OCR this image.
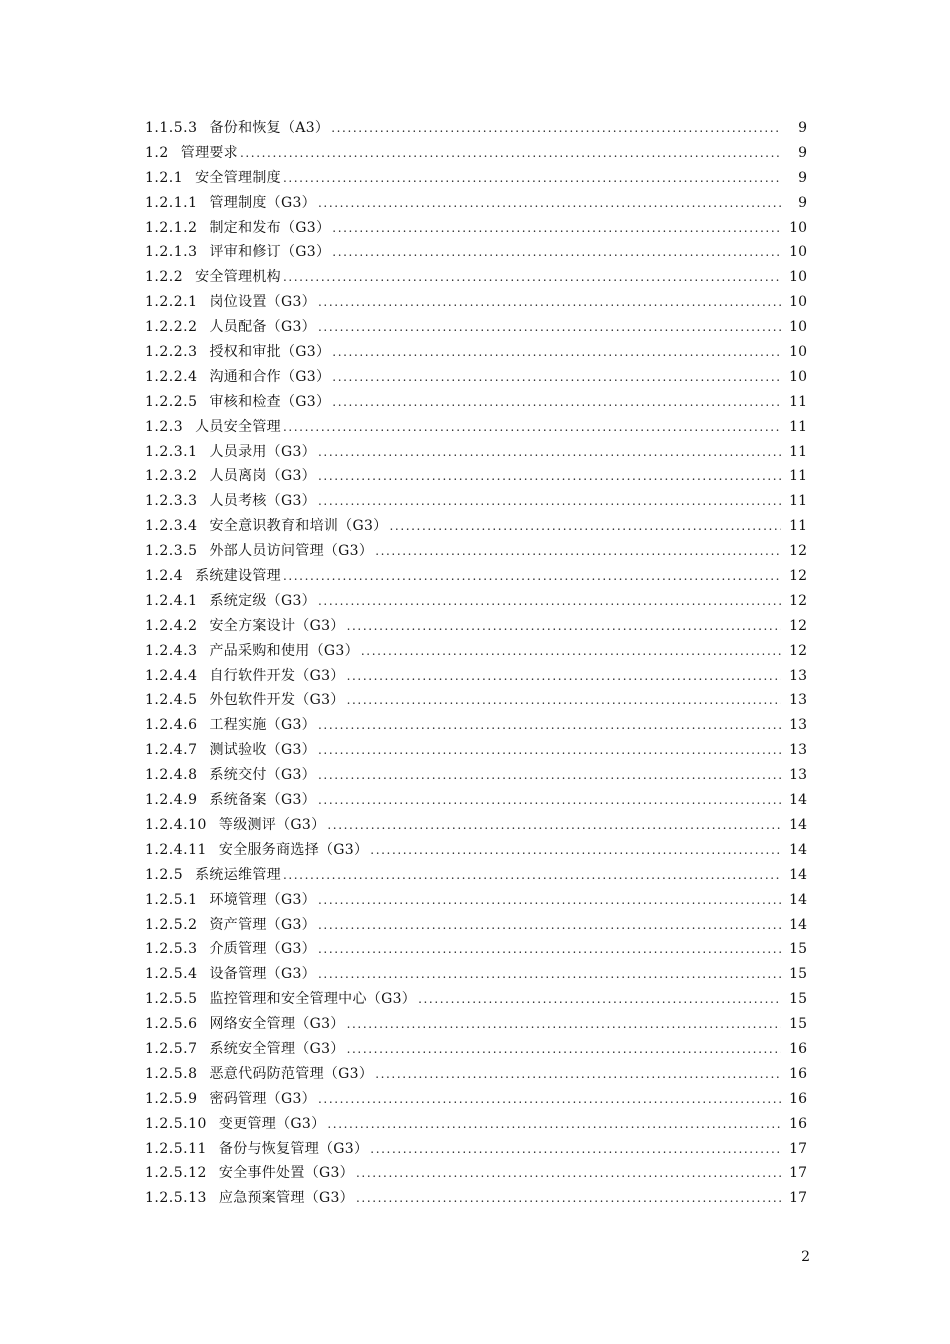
1.1.5.3 备份和恢复（A3） .....	9
1.2 管理要求 .....	9
1.2.1 安全管理制度 .....	9
1.2.1.1 管理制度（G3） .....	9
1.2.1.2 制定和发布（G3） .....	10
1.2.1.3 评审和修订（G3） .....	10
1.2.2 安全管理机构 .....	10
1.2.2.1 岗位设置（G3） .....	10
1.2.2.2 人员配备（G3） .....	10
1.2.2.3 授权和审批（G3） .....	10
1.2.2.4 沟通和合作（G3） .....	10
1.2.2.5 审核和检查（G3） .....	11
1.2.3 人员安全管理 .....	11
1.2.3.1 人员录用（G3） .....	11
1.2.3.2 人员离岗（G3） .....	11
1.2.3.3 人员考核（G3） .....	11
1.2.3.4 安全意识教育和培训（G3） .....	11
1.2.3.5 外部人员访问管理（G3） .....	12
1.2.4 系统建设管理 .....	12
1.2.4.1 系统定级（G3） .....	12
1.2.4.2 安全方案设计（G3） .....	12
1.2.4.3 产品采购和使用（G3） .....	12
1.2.4.4 自行软件开发（G3） .....	13
1.2.4.5 外包软件开发（G3） .....	13
1.2.4.6 工程实施（G3） .....	13
1.2.4.7 测试验收（G3） .....	13
1.2.4.8 系统交付（G3） .....	13
1.2.4.9 系统备案（G3） .....	14
1.2.4.10 等级测评（G3） .....	14
1.2.4.11 安全服务商选择（G3） .....	14
1.2.5 系统运维管理 .....	14
1.2.5.1 环境管理（G3） .....	14
1.2.5.2 资产管理（G3） .....	14
1.2.5.3 介质管理（G3） .....	15
1.2.5.4 设备管理（G3） .....	15
1.2.5.5 监控管理和安全管理中心（G3） .....	15
1.2.5.6 网络安全管理（G3） .....	15
1.2.5.7 系统安全管理（G3） .....	16
1.2.5.8 恶意代码防范管理（G3） .....	16
1.2.5.9 密码管理（G3） .....	16
1.2.5.10 变更管理（G3） .....	16
1.2.5.11 备份与恢复管理（G3） .....	17
1.2.5.12 安全事件处置（G3） .....	17
1.2.5.13 应急预案管理（G3） .....	17
2
